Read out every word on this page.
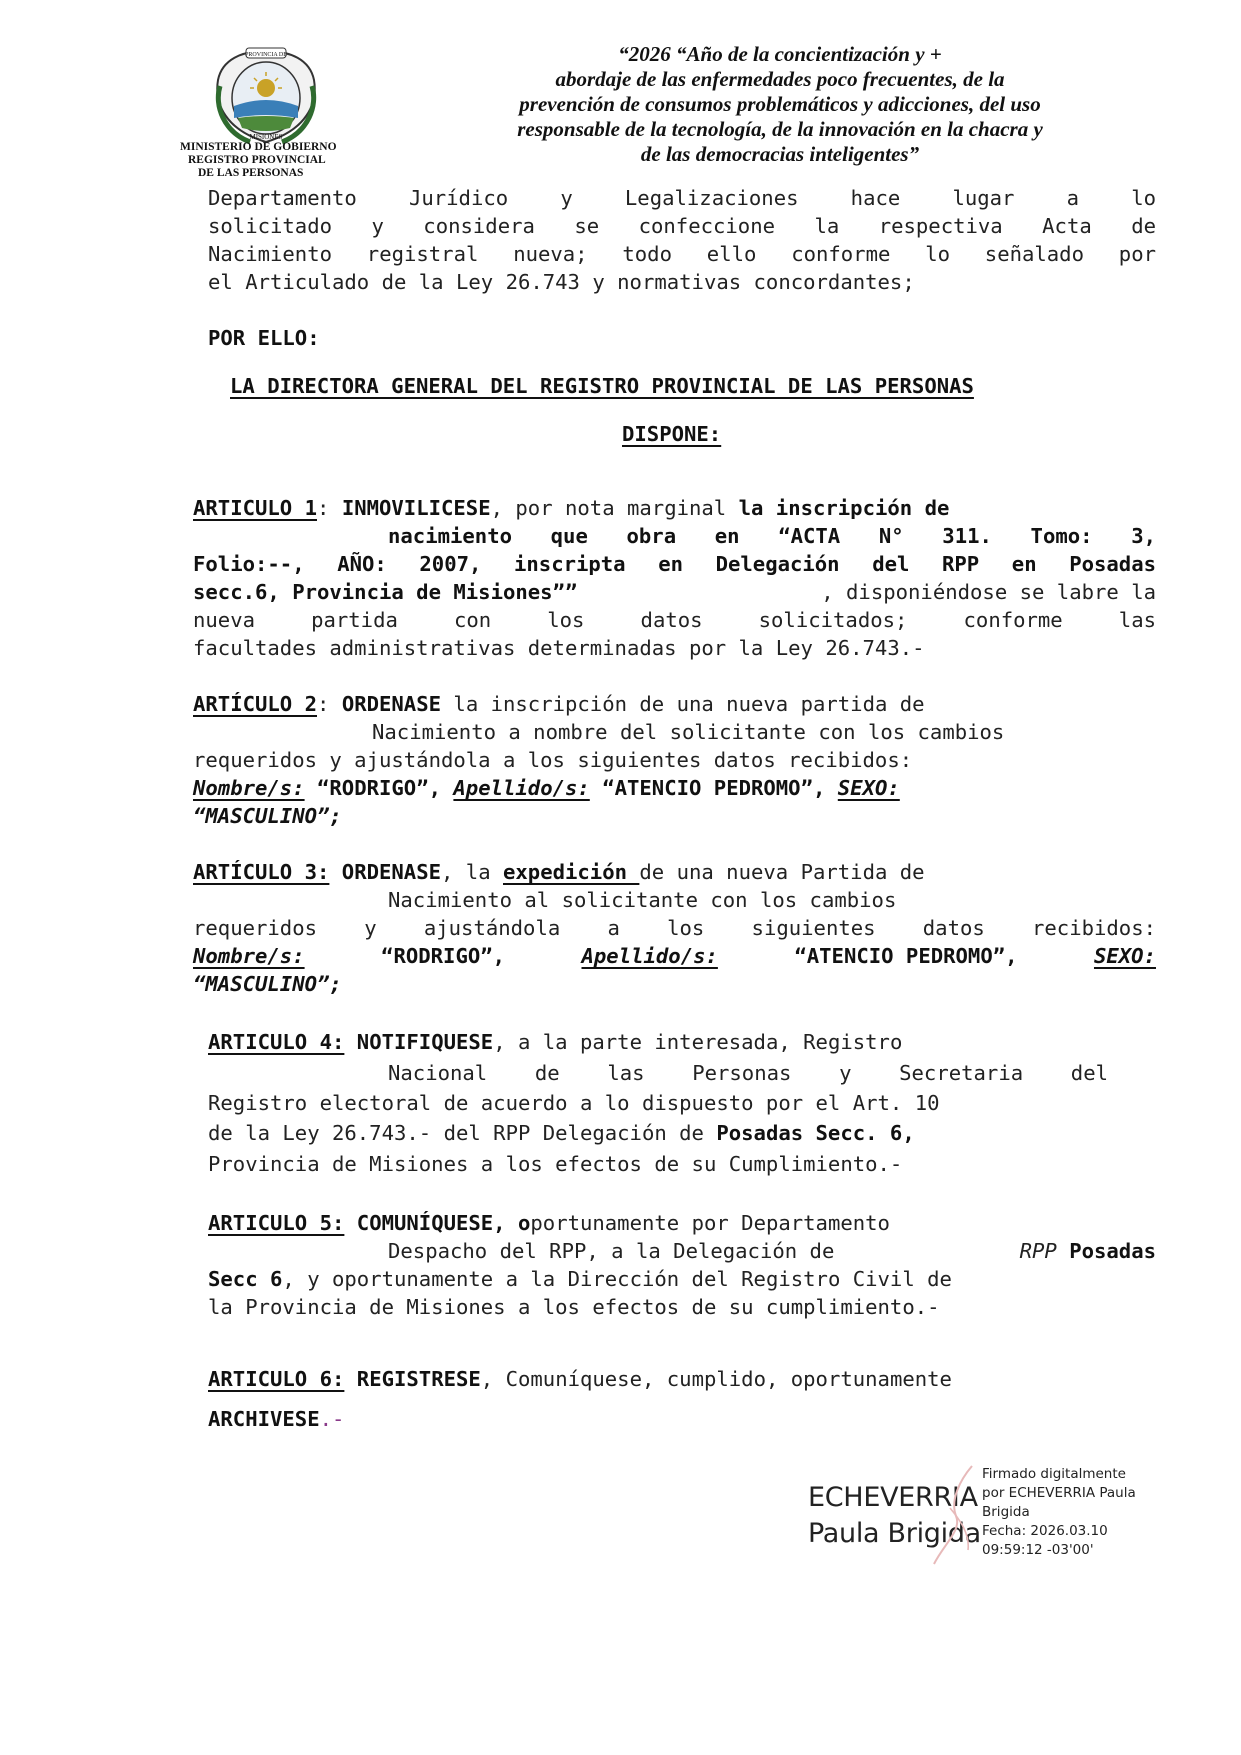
PROVINCIA DE
MISIONES
MINISTERIO DE GOBIERNO
REGISTRO PROVINCIAL
DE LAS PERSONAS
“2026 “Año de la concientización y +
abordaje de las enfermedades poco frecuentes, de la
prevención de consumos problemáticos y adicciones, del uso
responsable de la tecnología, de la innovación en la chacra y
de las democracias inteligentes”
Departamento Jurídico y Legalizaciones hace lugar a lo
solicitado y considera se confeccione la respectiva Acta de
Nacimiento registral nueva; todo ello conforme lo señalado por
el Articulado de la Ley 26.743 y normativas concordantes;
POR ELLO:
LA DIRECTORA GENERAL DEL REGISTRO PROVINCIAL DE LAS PERSONAS
DISPONE:
ARTICULO 1: INMOVILICESE, por nota marginal la inscripción de
nacimiento que obra en “ACTA N° 311. Tomo: 3,
Folio:--, AÑO: 2007, inscripta en Delegación del RPP en Posadas
secc.6, Provincia de Misiones””	, disponiéndose se labre la
nueva partida con los datos solicitados; conforme las
facultades administrativas determinadas por la Ley 26.743.-
ARTÍCULO 2: ORDENASE la inscripción de una nueva partida de
Nacimiento a nombre del solicitante con los cambios
requeridos y ajustándola a los siguientes datos recibidos:
Nombre/s: “RODRIGO”, Apellido/s: “ATENCIO PEDROMO”, SEXO:
“MASCULINO”;
ARTÍCULO 3: ORDENASE, la expedición de una nueva Partida de
Nacimiento al solicitante con los cambios
requeridos y ajustándola a los siguientes datos recibidos:
Nombre/s:	“RODRIGO”,	Apellido/s:	“ATENCIO PEDROMO”,	SEXO:
“MASCULINO”;
ARTICULO 4: NOTIFIQUESE, a la parte interesada, Registro
Nacional de las Personas y Secretaria del
Registro electoral de acuerdo a lo dispuesto por el Art. 10
de la Ley 26.743.- del RPP Delegación de Posadas Secc. 6,
Provincia de Misiones a los efectos de su Cumplimiento.-
ARTICULO 5: COMUNÍQUESE, oportunamente por Departamento
Despacho del RPP, a la Delegación de	RPP Posadas
Secc 6, y oportunamente a la Dirección del Registro Civil de
la Provincia de Misiones a los efectos de su cumplimiento.-
ARTICULO 6: REGISTRESE, Comuníquese, cumplido, oportunamente
ARCHIVESE.-
ECHEVERRIA
Paula Brigida
Firmado digitalmente
por ECHEVERRIA Paula
Brigida
Fecha: 2026.03.10
09:59:12 -03'00'
